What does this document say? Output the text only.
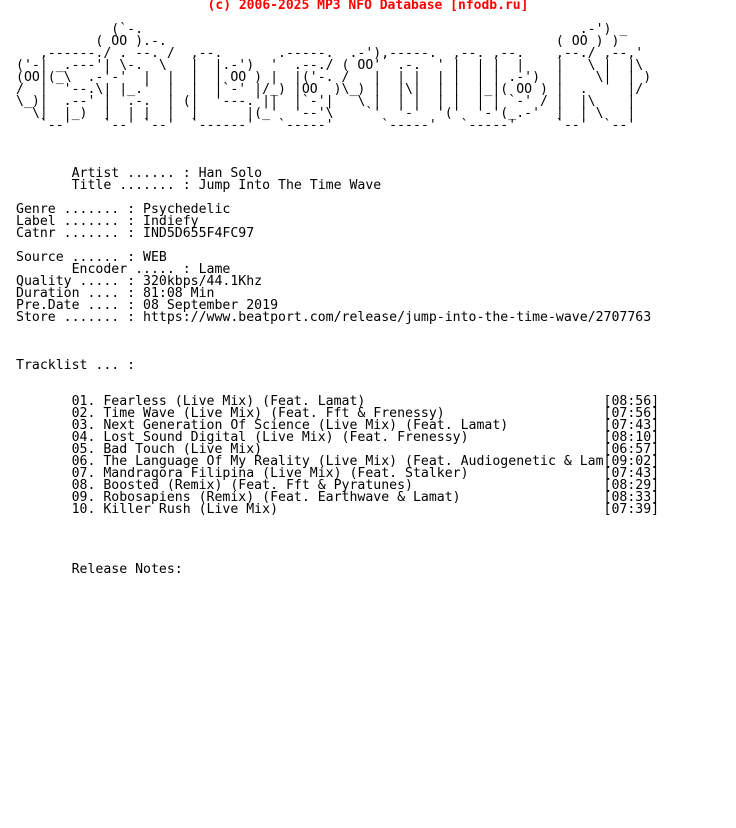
(c) 2006-2025 MP3 NFO Database [nfodb.ru]
(`-.                                                       .-') _
( OO ).-.                                                 ( OO ) )
,------./ . --. /  ,--.       .-----.  .-'),-----.  ,--. ,--.    ,--./ ,--,'
('-| _.---'| \-.  \   |  |.-')  '  .--./ ( OO'  .-.  ' |  | |  |    |   \ |  |\
(OO|(_\  .-'-'  |  |  |  | OO ) |  |('-. /   |  | |  | |  | | .-')  |    \|  | )
/  |  '--.\| |_.'  |  |  |`-' |/_) |OO  )\_) |  |\|  | |  |_|( OO ) |  .     |/
\_)|  .--' |  .-.  | (|  '---.'||  |`-'|   \ |  | |  | |  | | `-' / |  |\    |
\|  |_)  |  | |  |  |      |(_'  '--'\    `'  '-'  '('  '-'(_.-'  |  | \   |
`--'    `--' `--'  `------'   `-----'      `-----'   `-----'     `--'  `--'

Artist ...... : Han Solo
Title ....... : Jump Into The Time Wave

Genre ....... : Psychedelic
Label ....... : Indiefy
Catnr ....... : IND5D655F4FC97

Source ...... : WEB
Encoder ..... : Lame
Quality ..... : 320kbps/44.1Khz
Duration .... : 81:08 Min
Pre.Date .... : 08 September 2019
Store ....... : https://www.beatport.com/release/jump-into-the-time-wave/2707763

Tracklist ... :

01. Fearless (Live Mix) (Feat. Lamat)                              [08:56]
02. Time Wave (Live Mix) (Feat. Fft & Frenessy)                    [07:56]
03. Next Generation Of Science (Live Mix) (Feat. Lamat)            [07:43]
04. Lost Sound Digital (Live Mix) (Feat. Frenessy)                 [08:10]
05. Bad Touch (Live Mix)                                           [06:57]
06. The Language Of My Reality (Live Mix) (Feat. Audiogenetic & Lam[09:02]
07. Mandragora Filipina (Live Mix) (Feat. Stalker)                 [07:43]
08. Boosted (Remix) (Feat. Fft & Pyratunes)                        [08:29]
09. Robosapiens (Remix) (Feat. Earthwave & Lamat)                  [08:33]
10. Killer Rush (Live Mix)                                         [07:39]

Release Notes:
